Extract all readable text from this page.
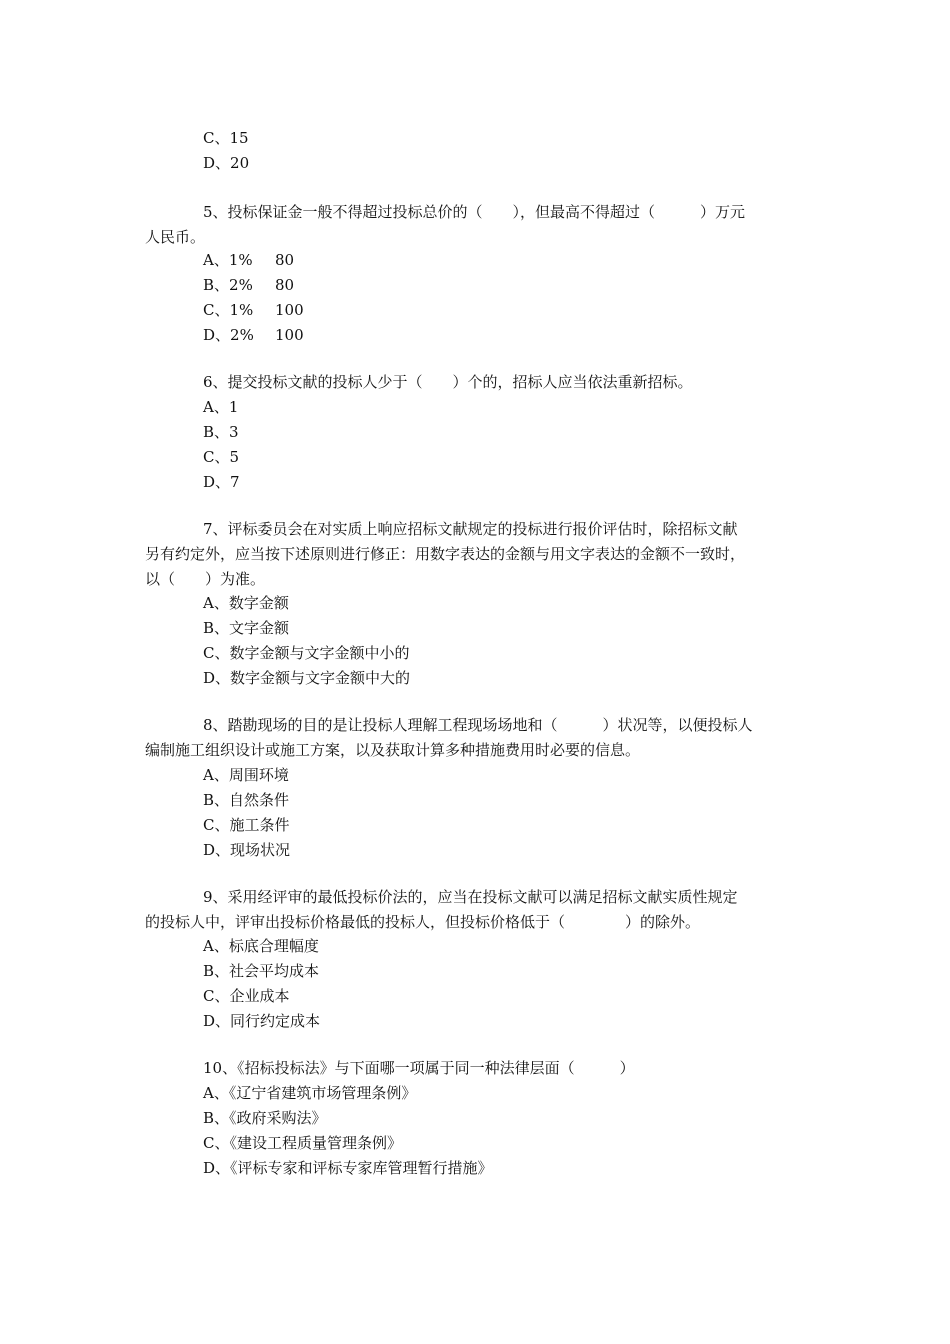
C、15
D、20
5、投标保证金一般不得超过投标总价的（　　），但最高不得超过（　　　）万元
人民币。
A、1% 80
B、2% 80
C、1% 100
D、2% 100
6、提交投标文献的投标人少于（　　）个的，招标人应当依法重新招标。
A、1
B、3
C、5
D、7
7、评标委员会在对实质上响应招标文献规定的投标进行报价评估时，除招标文献
另有约定外，应当按下述原则进行修正：用数字表达的金额与用文字表达的金额不一致时，
以（　　）为准。
A、数字金额
B、文字金额
C、数字金额与文字金额中小的
D、数字金额与文字金额中大的
8、踏勘现场的目的是让投标人理解工程现场场地和（　　　）状况等，以便投标人
编制施工组织设计或施工方案，以及获取计算多种措施费用时必要的信息。
A、周围环境
B、自然条件
C、施工条件
D、现场状况
9、采用经评审的最低投标价法的，应当在投标文献可以满足招标文献实质性规定
的投标人中，评审出投标价格最低的投标人，但投标价格低于（　　　　）的除外。
A、标底合理幅度
B、社会平均成本
C、企业成本
D、同行约定成本
10、《招标投标法》与下面哪一项属于同一种法律层面（　　　）
A、《辽宁省建筑市场管理条例》
B、《政府采购法》
C、《建设工程质量管理条例》
D、《评标专家和评标专家库管理暂行措施》
